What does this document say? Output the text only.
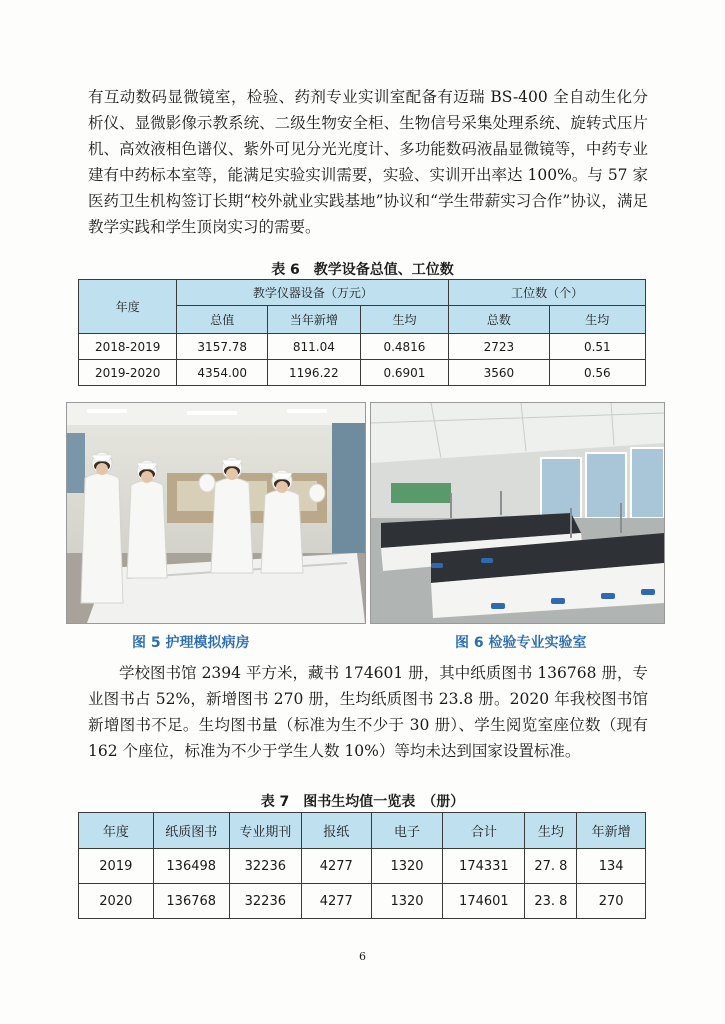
有互动数码显微镜室，检验、药剂专业实训室配备有迈瑞 BS-400 全自动生化分析仪、显微影像示教系统、二级生物安全柜、生物信号采集处理系统、旋转式压片机、高效液相色谱仪、紫外可见分光光度计、多功能数码液晶显微镜等，中药专业建有中药标本室等，能满足实验实训需要，实验、实训开出率达 100%。与 57 家医药卫生机构签订长期“校外就业实践基地”协议和“学生带薪实习合作”协议，满足教学实践和学生顶岗实习的需要。

表 6　教学设备总值、工位数
年度	教学仪器设备（万元）			工位数（个）	
	总值	当年新增	生均	总数	生均
2018-2019	3157.78	811.04	0.4816	2723	0.51
2019-2020	4354.00	1196.22	0.6901	3560	0.56
图 5 护理模拟病房	图 6 检验专业实验室

学校图书馆 2394 平方米，藏书 174601 册，其中纸质图书 136768 册，专业图书占 52%，新增图书 270 册，生均纸质图书 23.8 册。2020 年我校图书馆新增图书不足。生均图书量（标准为生不少于 30 册）、学生阅览室座位数（现有 162 个座位，标准为不少于学生人数 10%）等均未达到国家设置标准。

表 7　图书生均值一览表　（册）
年度	纸质图书	专业期刊	报纸	电子	合计	生均	年新增
2019	136498	32236	4277	1320	174331	27. 8	134
2020	136768	32236	4277	1320	174601	23. 8	270
6
